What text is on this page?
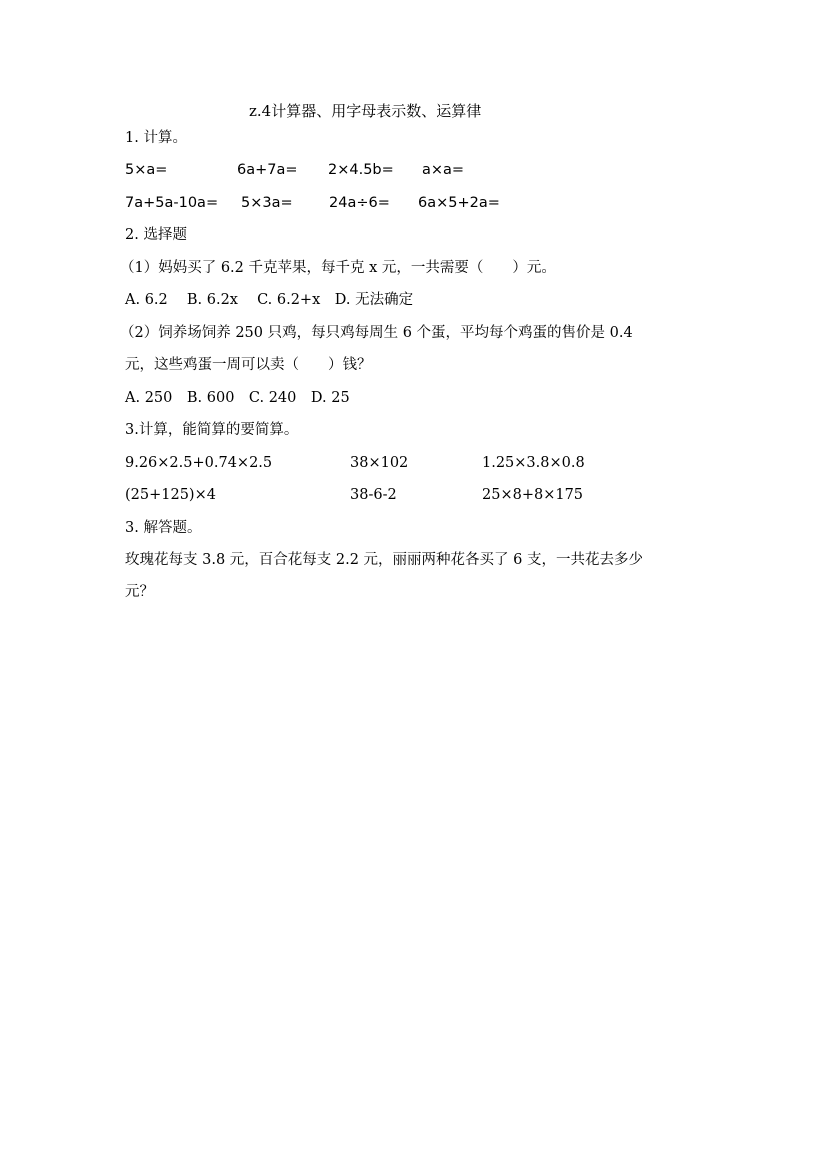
z.4计算器、用字母表示数、运算律
1. 计算。
5×a=	6a+7a= 2×4.5b= a×a=
7a+5a-10a= 5×3a=	24a÷6= 6a×5+2a=
2. 选择题
（1）妈妈买了 6.2 千克苹果，每千克 x 元，一共需要（　　）元。
A. 6.2　 B. 6.2x　 C. 6.2+x　D. 无法确定
（2）饲养场饲养 250 只鸡，每只鸡每周生 6 个蛋，平均每个鸡蛋的售价是 0.4
元，这些鸡蛋一周可以卖（　　）钱？
A. 250　B. 600　C. 240　D. 25
3.计算，能简算的要简算。
9.26×2.5+0.74×2.5	38×102	1.25×3.8×0.8
(25+125)×4	38-6-2	25×8+8×175
3. 解答题。
玫瑰花每支 3.8 元，百合花每支 2.2 元，丽丽两种花各买了 6 支，一共花去多少
元？
